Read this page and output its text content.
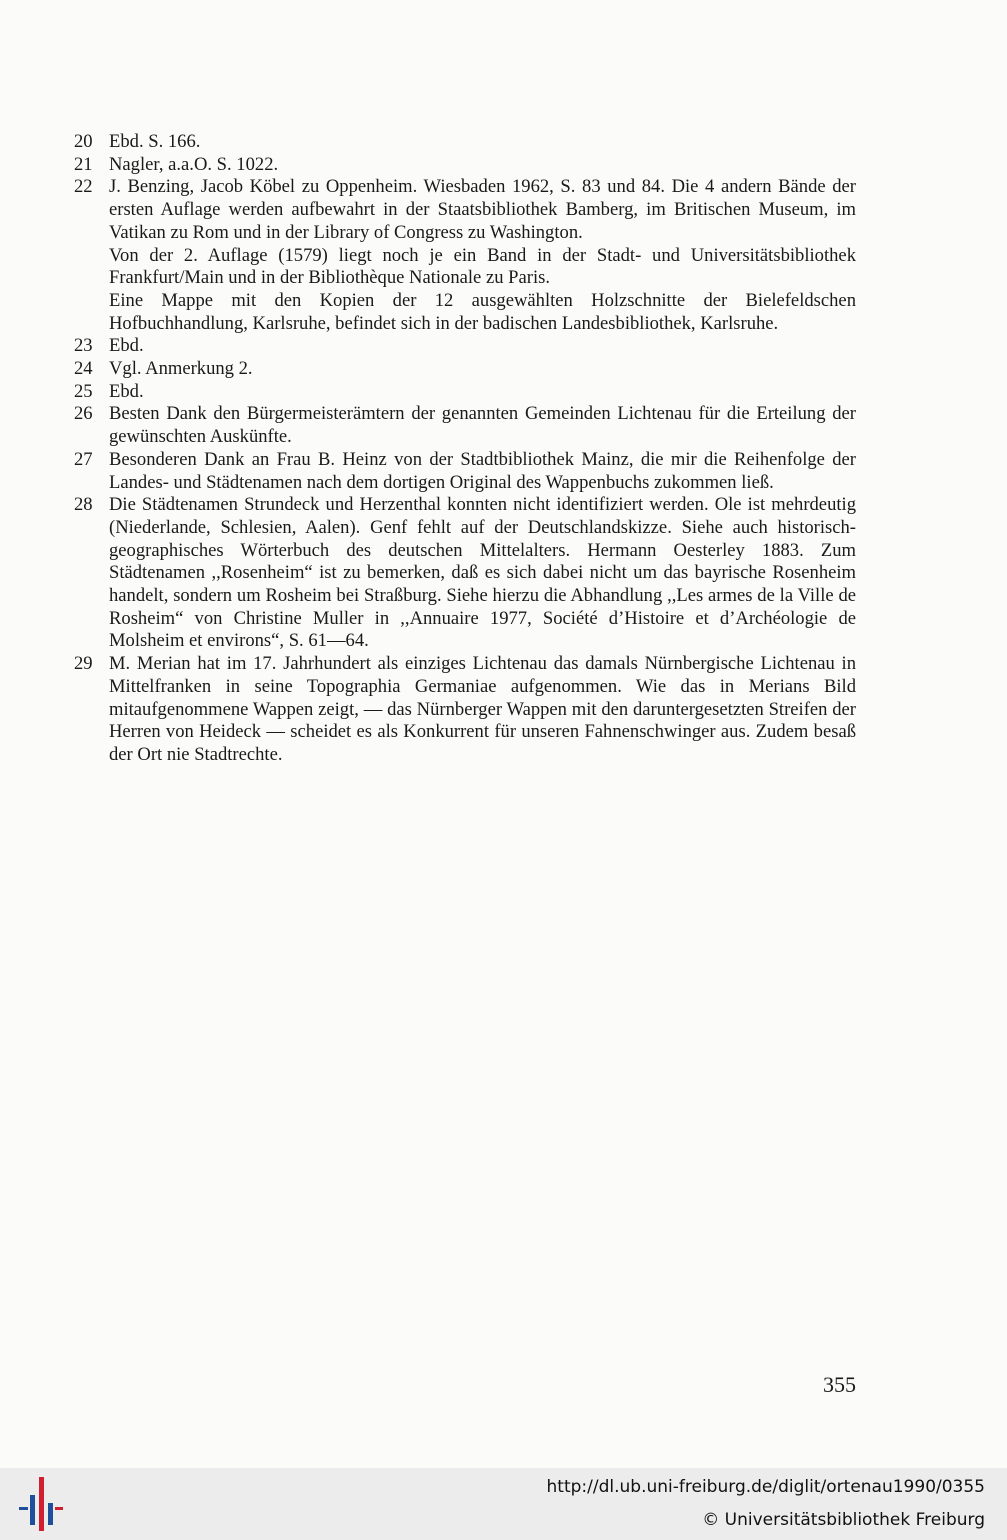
20 Ebd. S. 166.
21 Nagler, a.a.O. S. 1022.
22 J. Benzing, Jacob Köbel zu Oppenheim. Wiesbaden 1962, S. 83 und 84. Die 4 andern Bände der ersten Auflage werden aufbewahrt in der Staatsbibliothek Bamberg, im Britischen Museum, im Vatikan zu Rom und in der Library of Congress zu Washington.
Von der 2. Auflage (1579) liegt noch je ein Band in der Stadt- und Universitätsbibliothek Frankfurt/Main und in der Bibliothèque Nationale zu Paris.
Eine Mappe mit den Kopien der 12 ausgewählten Holzschnitte der Bielefeldschen Hofbuchhandlung, Karlsruhe, befindet sich in der badischen Landesbibliothek, Karlsruhe.
23 Ebd.
24 Vgl. Anmerkung 2.
25 Ebd.
26 Besten Dank den Bürgermeisterämtern der genannten Gemeinden Lichtenau für die Erteilung der gewünschten Auskünfte.
27 Besonderen Dank an Frau B. Heinz von der Stadtbibliothek Mainz, die mir die Reihenfolge der Landes- und Städtenamen nach dem dortigen Original des Wappenbuchs zukommen ließ.
28 Die Städtenamen Strundeck und Herzenthal konnten nicht identifiziert werden. Ole ist mehrdeutig (Niederlande, Schlesien, Aalen). Genf fehlt auf der Deutschlandskizze. Siehe auch historisch-geographisches Wörterbuch des deutschen Mittelalters. Hermann Oesterley 1883. Zum Städtenamen ,,Rosenheim“ ist zu bemerken, daß es sich dabei nicht um das bayrische Rosenheim handelt, sondern um Rosheim bei Straßburg. Siehe hierzu die Abhandlung ,,Les armes de la Ville de Rosheim“ von Christine Muller in ,,Annuaire 1977, Société d’Histoire et d’Archéologie de Molsheim et environs“, S. 61—64.
29 M. Merian hat im 17. Jahrhundert als einziges Lichtenau das damals Nürnbergische Lichtenau in Mittelfranken in seine Topographia Germaniae aufgenommen. Wie das in Merians Bild mitaufgenommene Wappen zeigt, — das Nürnberger Wappen mit den daruntergesetzten Streifen der Herren von Heideck — scheidet es als Konkurrent für unseren Fahnenschwinger aus. Zudem besaß der Ort nie Stadtrechte.
355
http://dl.ub.uni-freiburg.de/diglit/ortenau1990/0355
© Universitätsbibliothek Freiburg
